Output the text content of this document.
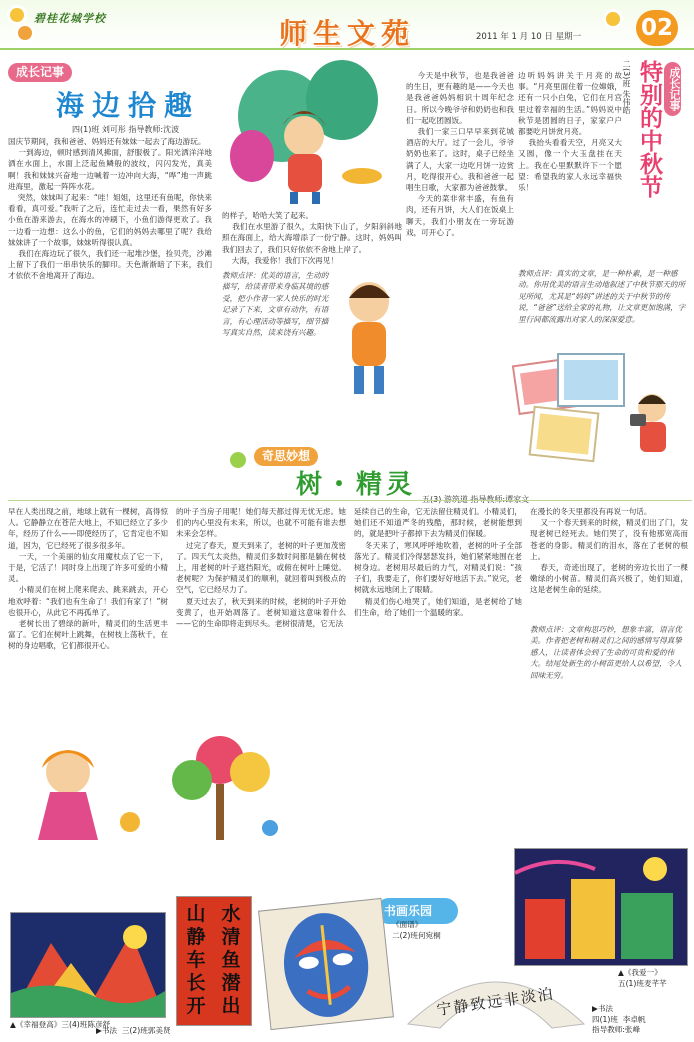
碧桂花城学校	师生文苑	2011 年 1 月 10 日 星期一	02
成长记事
海边拾趣
四(1)班 刘可彤 指导教师:沈波
国庆节期间，我和爸爸、妈妈还有妹妹一起去了海边游玩。
一到海边，顿时感到清风拂面，舒服极了。阳光洒洋洋地洒在水面上，水面上泛起鱼鳞般的波纹，闪闪发光，真美啊！我和妹妹兴奋地一边喊着一边冲向大海，“哗”地一声跳进海里，激起一阵阵水花。
突然，妹妹叫了起来：“哇！姐姐，这里还有鱼呢，你快来看看，真可爱。”我听了之后，连忙走过去一看，果然有好多小鱼在游来游去，在海水的冲刷下，小鱼们游得更欢了。我一边看一边想：这么小的鱼，它们的妈妈去哪里了呢？我给妹妹讲了一个故事，妹妹听得很认真。
我们在海边玩了很久，我们还一起堆沙堡，捡贝壳，沙滩上留下了我们一串串快乐的脚印。天色渐渐暗了下来，我们才依依不舍地离开了海边。
的样子，哈哈大笑了起来。
我们在水里游了很久，太阳快下山了，夕阳斜斜地照在海面上，给大海增添了一份宁静。这时，妈妈叫我们回去了，我们只好依依不舍地上岸了。
大海，我爱你！我们下次再见！
教师点评：优美的语言，生动的描写，给读者带来身临其境的感受，把小作者一家人快乐的时光记录了下来，文章有动作，有语言，有心理活动等描写，细节描写真实自然，读来饶有兴趣。
今天是中秋节，也是我爸爸的生日，更有趣的是——今天也是我爸爸妈妈相识十周年纪念日。所以今晚爷爷和奶奶也和我们一起吃团圆饭。
我们一家三口早早来到花城酒店的大厅。过了一会儿，爷爷奶奶也来了。这时，桌子已经坐满了人，大家一边吃月饼一边赏月，吃得很开心。我和爸爸一起唱生日歌，大家都为爸爸鼓掌。
今天的菜非常丰盛，有鱼有肉，还有月饼，大人们在饭桌上聊天，我们小朋友在一旁玩游戏，可开心了。
边听妈妈讲关于月亮的故事。“月亮里面住着一位嫦娥，还有一只小白兔，它们在月宫里过着幸福的生活。”妈妈说中秋节是团圆的日子，家家户户都要吃月饼赏月亮。
我抬头看看天空，月亮又大又圆，像一个大玉盘挂在天上。我在心里默默许下一个愿望：希望我的家人永远幸福快乐！
成长记事
特别的中秋节
二(3)班 朱伟皓
教师点评：真实的文章，是一种朴素，是一种感动。你用优美的语言生动地叙述了中秋节那天的所见所闻，尤其是“妈妈”讲述的关于中秋节的传说，“爸爸”送给全家的礼物，让文章更加饱满，字里行间都流露出对家人的深深爱意。
奇思妙想
树・精灵
早在人类出现之前，地球上就有一棵树，高得惊人。它静静立在苍茫大地上，不知已经立了多少年，经历了什么——即使经历了，它肯定也不知道，因为，它已经死了很多很多年。
一天，一个美丽的仙女用魔杖点了它一下，于是，它活了！同时身上出现了许多可爱的小精灵。
小精灵们在树上爬来爬去、跳来跳去，开心地欢呼着：“我们也有生命了！我们有家了！”树也很开心，从此它不再孤单了。
老树长出了碧绿的新叶，精灵们的生活更丰富了。它们在树叶上跳舞，在树枝上荡秋千，在树的身边唱歌，它们都很开心。
的叶子当房子用呢！她们每天都过得无忧无虑。她们的内心里没有未来，所以，也就不可能有谁去想未来会怎样。
过完了春天，夏天到来了，老树的叶子更加茂密了。四天气太炎热，精灵们多数时间都是躺在树枝上，用老树的叶子遮挡阳光，或俯在树叶上睡觉。老树呢？为保护精灵们的顺利，就回着叫到极点的空气，它已经尽力了。
夏天过去了，秋天到来的时候，老树的叶子开始变黄了，也开始凋落了。老树知道这意味着什么——它的生命即将走到尽头。老树很清楚，它无法
延续自己的生命，它无法留住精灵们。小精灵们，她们还不知道严冬的残酷，那时候，老树能想到的，就是把叶子都掉下去为精灵们保暖。
冬天来了，寒风呼呼地吹着，老树的叶子全部落光了。精灵们冷得瑟瑟发抖，她们紧紧地围在老树身边。老树用尽最后的力气，对精灵们说：“孩子们，我要走了，你们要好好地活下去。”说完，老树就永远地闭上了眼睛。
精灵们伤心地哭了，她们知道，是老树给了她们生命，给了她们一个温暖的家。
在漫长的冬天里都没有再说一句话。
又一个春天到来的时候，精灵们出了门，发现老树已经死去。她们哭了，没有他那宽高而苍老的身影。精灵们的泪水，落在了老树的根上。
春天，奇迹出现了，老树的旁边长出了一棵嫩绿的小树苗。精灵们高兴极了，她们知道，这是老树生命的延续。
教师点评：文章构思巧妙，想象丰富，语言优美。作者把老树和精灵们之间的感情写得真挚感人，让读者体会到了生命的可贵和爱的伟大。结尾处新生的小树苗更给人以希望，令人回味无穷。
书画乐园
▲《幸福登高》三(4)班陈彦舒
水
清
鱼
潜
出
山
静
车
长
开
▶书法  三(2)班郭美贤
《面谱》
二(2)班何宛桐
▲《我爱一》
五(1)班麦芊芊
宁静致远非淡泊	▶书法
四(1)班  李卓帆
指导教师:张峰
